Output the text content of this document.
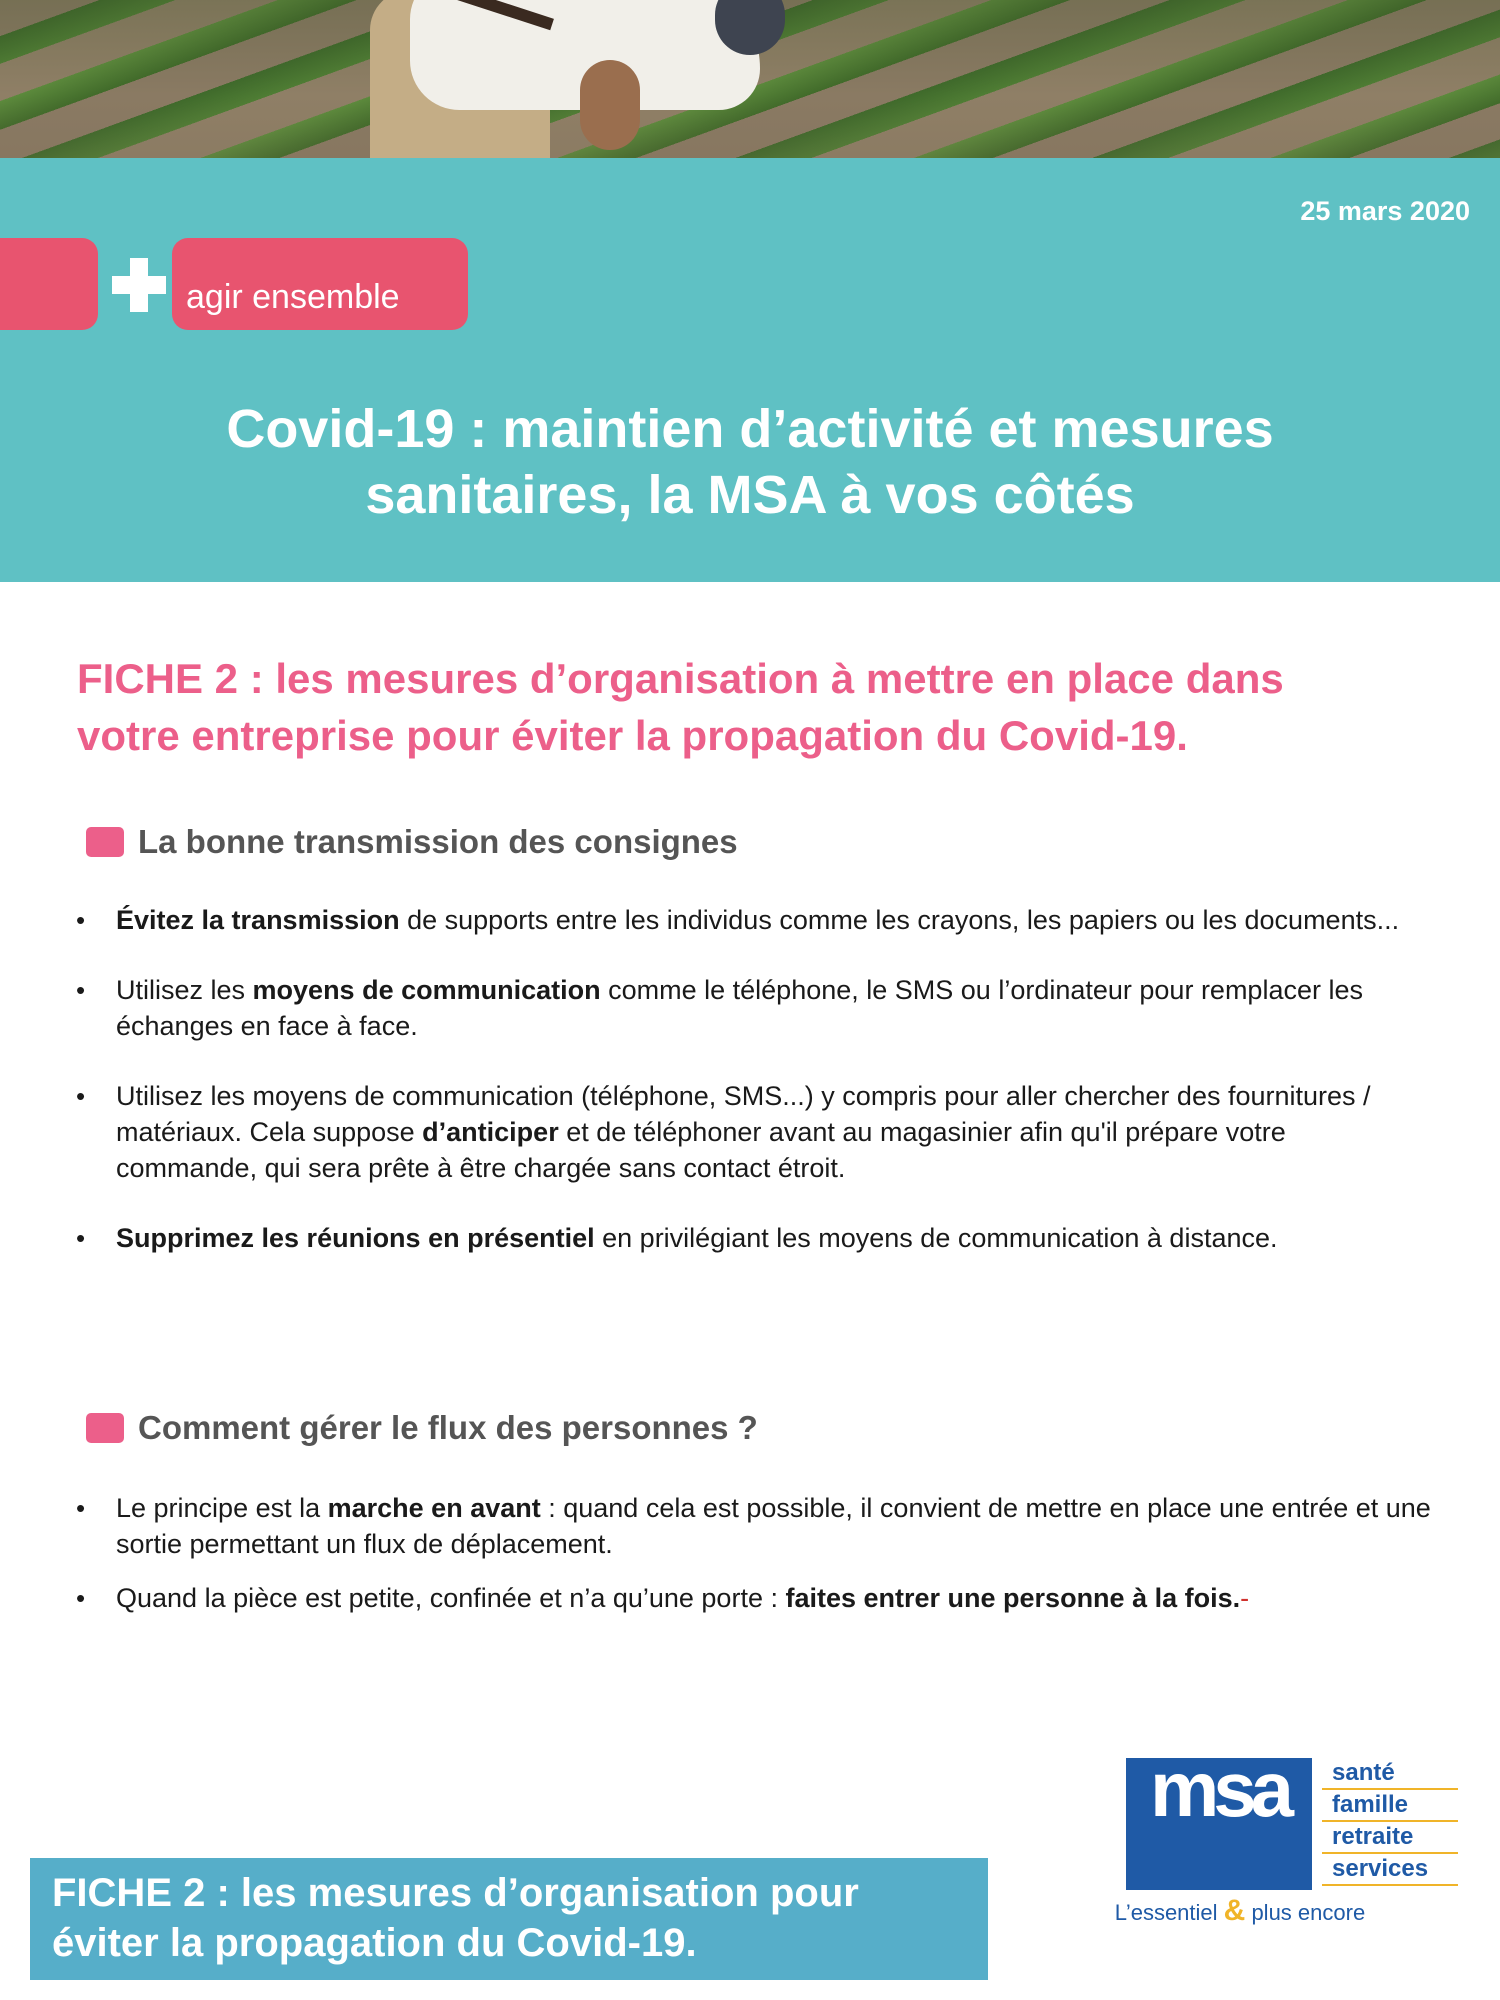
25 mars 2020
agir ensemble
Covid-19 : maintien d’activité et mesures
sanitaires, la MSA à vos côtés
FICHE 2 : les mesures d’organisation à mettre en place dans
votre entreprise pour éviter la propagation du Covid-19.
La bonne transmission des consignes
• Évitez la transmission de supports entre les individus comme les crayons, les papiers ou les documents...
• Utilisez les moyens de communication comme le téléphone, le SMS ou l’ordinateur pour remplacer les échanges en face à face.
• Utilisez les moyens de communication (téléphone, SMS...) y compris pour aller chercher des fournitures / matériaux. Cela suppose d’anticiper et de téléphoner avant au magasinier afin qu'il prépare votre commande, qui sera prête à être chargée sans contact étroit.
• Supprimez les réunions en présentiel en privilégiant les moyens de communication à distance.
Comment gérer le flux des personnes ?
• Le principe est la marche en avant : quand cela est possible, il convient de mettre en place une entrée et une sortie permettant un flux de déplacement.
• Quand la pièce est petite, confinée et n’a qu’une porte : faites entrer une personne à la fois.-
FICHE 2 : les mesures d’organisation pour
éviter la propagation du Covid-19.
msa	santé
famille
retraite
services
L’essentiel & plus encore
